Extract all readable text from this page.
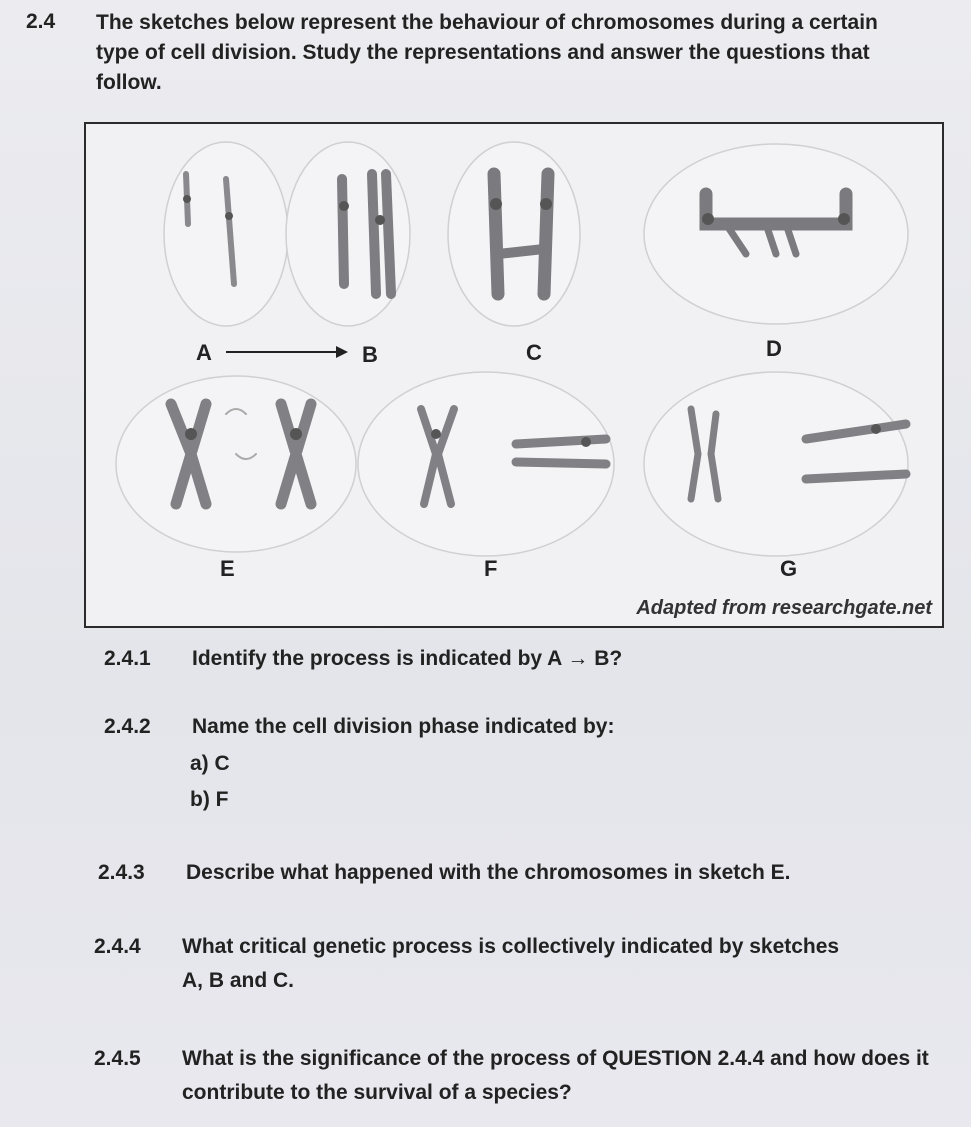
2.4 The sketches below represent the behaviour of chromosomes during a certain type of cell division. Study the representations and answer the questions that follow.
A	B	C	D
E	F	G
Adapted from researchgate.net
2.4.1 Identify the process is indicated by A → B?
2.4.2 Name the cell division phase indicated by:
a) C
b) F
2.4.3 Describe what happened with the chromosomes in sketch E.
2.4.4 What critical genetic process is collectively indicated by sketches A, B and C.
2.4.5 What is the significance of the process of QUESTION 2.4.4 and how does it contribute to the survival of a species?
